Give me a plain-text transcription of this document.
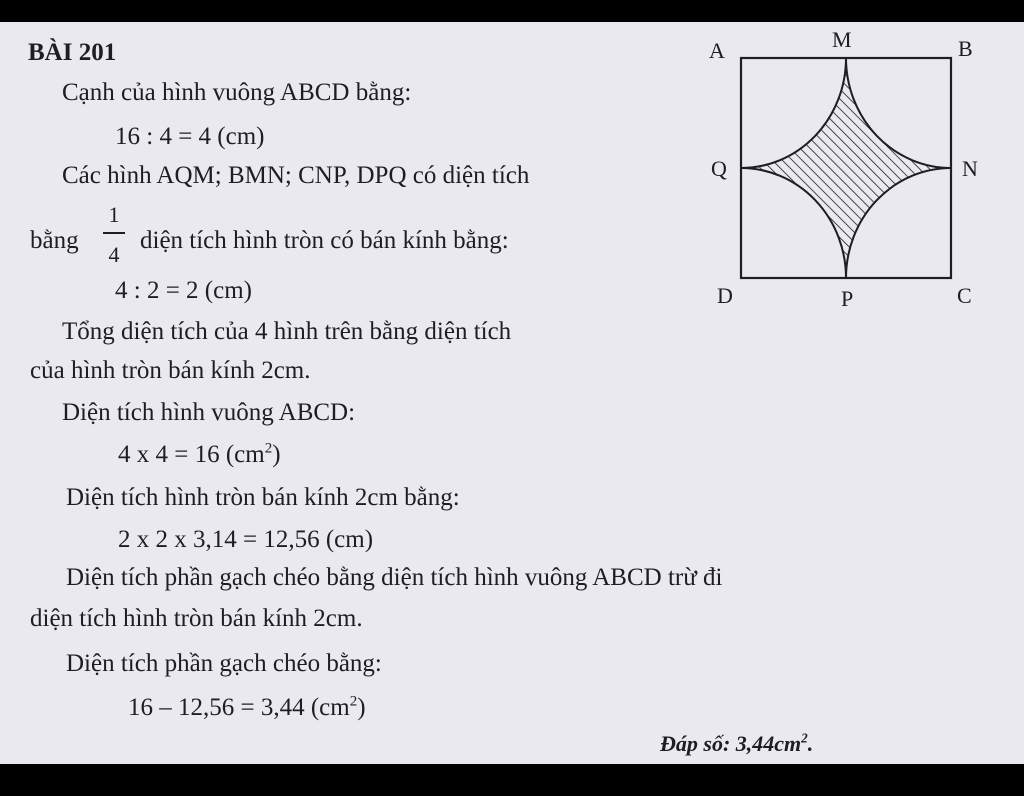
BÀI 201
Cạnh của hình vuông ABCD bằng:
16 : 4 = 4 (cm)
Các hình AQM; BMN; CNP, DPQ có diện tích
bằng
1
4
diện tích hình tròn có bán kính bằng:
4 : 2 = 2 (cm)
Tổng diện tích của 4 hình trên bằng diện tích
của hình tròn bán kính 2cm.
Diện tích hình vuông ABCD:
4 x 4 = 16 $(cm^2)$
Diện tích hình tròn bán kính 2cm bằng:
2 x 2 x 3,14 = 12,56 (cm)
Diện tích phần gạch chéo bằng diện tích hình vuông ABCD trừ đi
diện tích hình tròn bán kính 2cm.
Diện tích phần gạch chéo bằng:
16 – 12,56 = 3,44 $(cm^2)$
Đáp số: $3,44cm^2$.
A	M	B
Q	N
D	P	C
